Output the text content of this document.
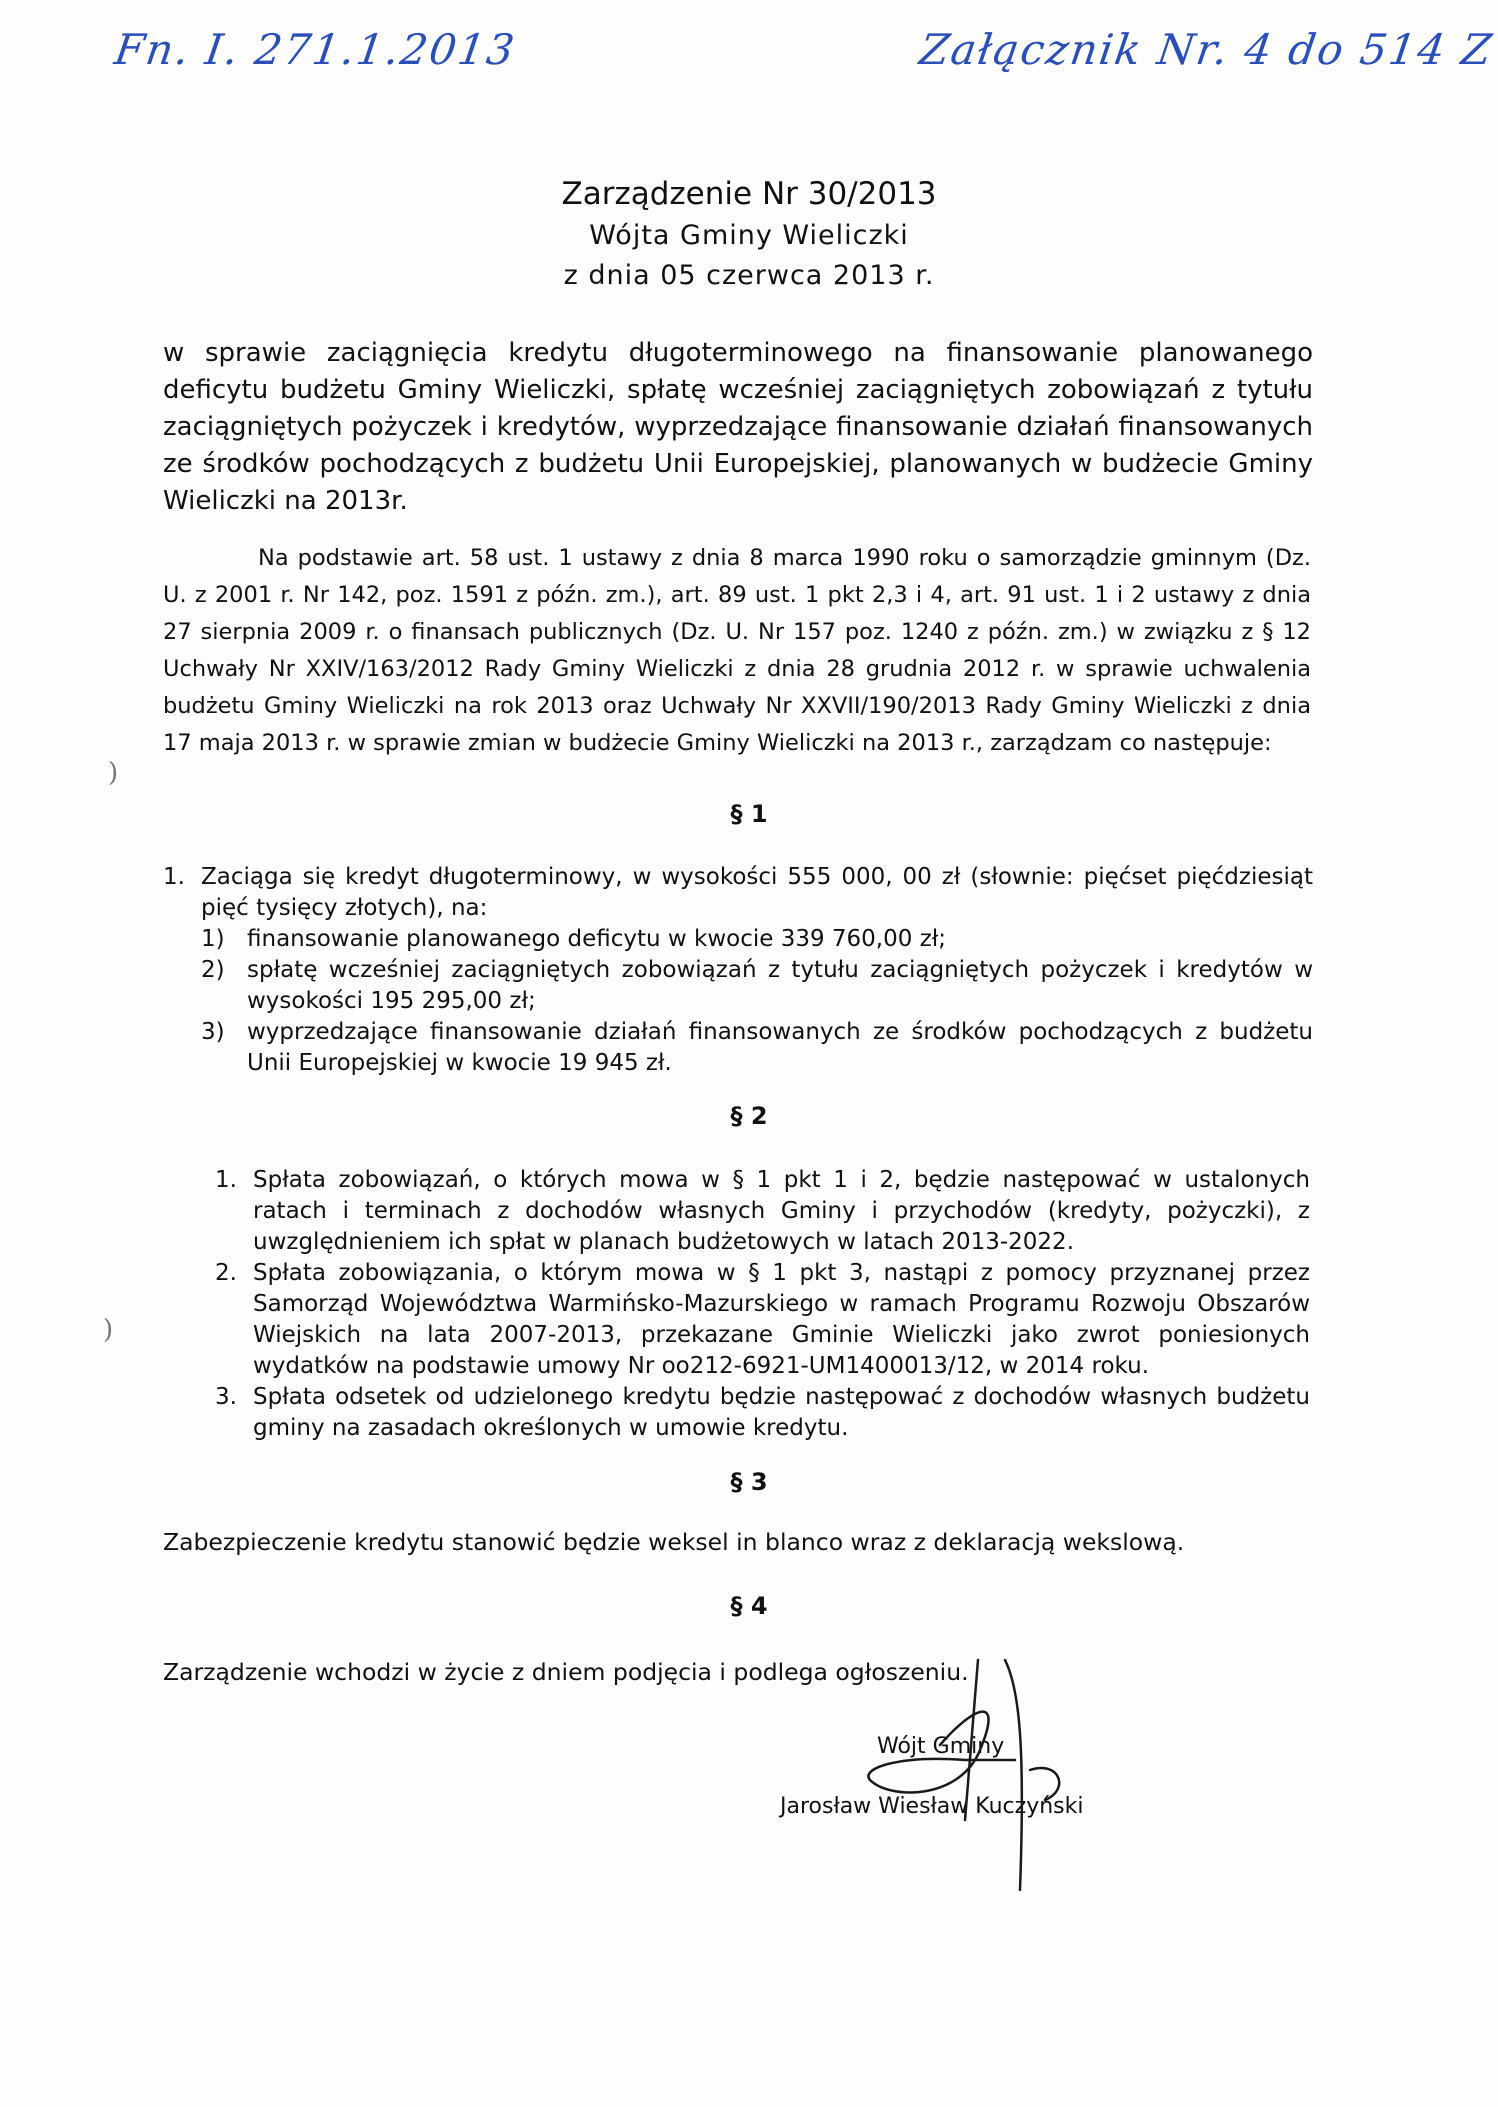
Fn. I. 271.1.2013	Załącznik Nr. 4 do 514 Z
Zarządzenie Nr 30/2013
Wójta Gminy Wieliczki
z dnia 05 czerwca 2013 r.
w sprawie zaciągnięcia kredytu długoterminowego na finansowanie planowanego deficytu budżetu Gminy Wieliczki, spłatę wcześniej zaciągniętych zobowiązań z tytułu zaciągniętych pożyczek i kredytów, wyprzedzające finansowanie działań finansowanych ze środków pochodzących z budżetu Unii Europejskiej, planowanych w budżecie Gminy Wieliczki na 2013r.
Na podstawie art. 58 ust. 1 ustawy z dnia 8 marca 1990 roku o samorządzie gminnym (Dz. U. z 2001 r. Nr 142, poz. 1591 z późn. zm.), art. 89 ust. 1 pkt 2,3 i 4, art. 91 ust. 1 i 2 ustawy z dnia 27 sierpnia 2009 r. o finansach publicznych (Dz. U. Nr 157 poz. 1240 z późn. zm.) w związku z § 12 Uchwały Nr XXIV/163/2012 Rady Gminy Wieliczki z dnia 28 grudnia 2012 r. w sprawie uchwalenia budżetu Gminy Wieliczki na rok 2013 oraz Uchwały Nr XXVII/190/2013 Rady Gminy Wieliczki z dnia 17 maja 2013 r. w sprawie zmian w budżecie Gminy Wieliczki na 2013 r., zarządzam co następuje:
§ 1
1. Zaciąga się kredyt długoterminowy, w wysokości 555 000, 00 zł (słownie: pięćset pięćdziesiąt pięć tysięcy złotych), na:
1) finansowanie planowanego deficytu w kwocie 339 760,00 zł;
2) spłatę wcześniej zaciągniętych zobowiązań z tytułu zaciągniętych pożyczek i kredytów w wysokości 195 295,00 zł;
3) wyprzedzające finansowanie działań finansowanych ze środków pochodzących z budżetu Unii Europejskiej w kwocie 19 945 zł.
§ 2
1. Spłata zobowiązań, o których mowa w § 1 pkt 1 i 2, będzie następować w ustalonych ratach i terminach z dochodów własnych Gminy i przychodów (kredyty, pożyczki), z uwzględnieniem ich spłat w planach budżetowych w latach 2013-2022.
2. Spłata zobowiązania, o którym mowa w § 1 pkt 3, nastąpi z pomocy przyznanej przez Samorząd Województwa Warmińsko-Mazurskiego w ramach Programu Rozwoju Obszarów Wiejskich na lata 2007-2013, przekazane Gminie Wieliczki jako zwrot poniesionych wydatków na podstawie umowy Nr oo212-6921-UM1400013/12, w 2014 roku.
3. Spłata odsetek od udzielonego kredytu będzie następować z dochodów własnych budżetu gminy na zasadach określonych w umowie kredytu.
§ 3
Zabezpieczenie kredytu stanowić będzie weksel in blanco wraz z deklaracją wekslową.
§ 4
Zarządzenie wchodzi w życie z dniem podjęcia i podlega ogłoszeniu.
Wójt Gminy
Jarosław Wiesław Kuczyński
)
)
